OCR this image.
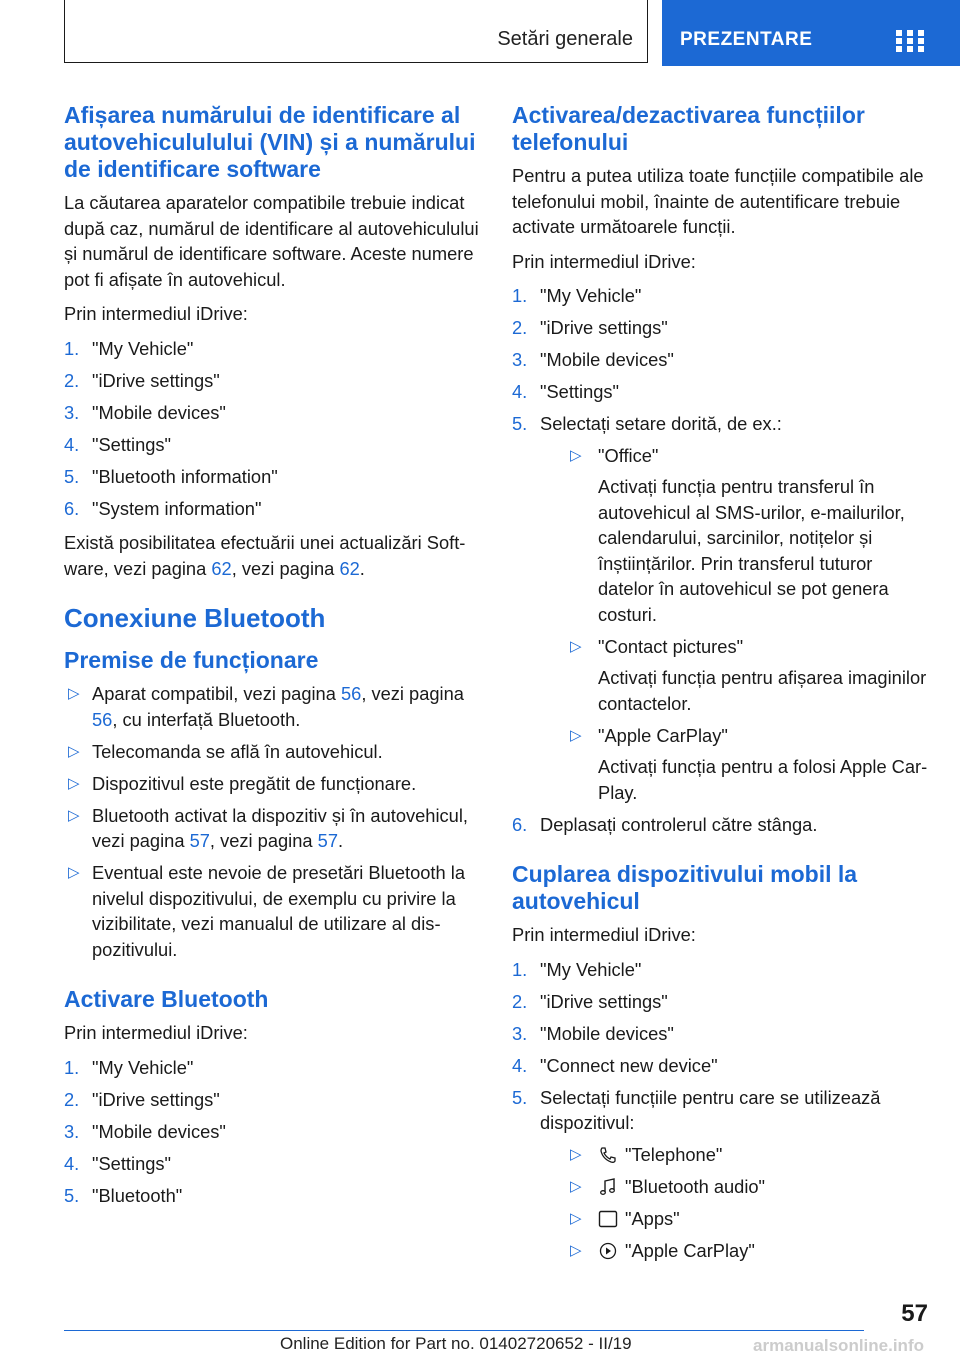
Setări generale PREZENTARE
Afișarea numărului de identificare al autovehicululului (VIN) și a numărului de identificare software

La căutarea aparatelor compatibile trebuie indicat după caz, numărul de identificare al autovehiculului și numărul de identificare software. Aceste numere pot fi afișate în autovehicul.

Prin intermediul iDrive:

1. "My Vehicle"
2. "iDrive settings"
3. "Mobile devices"
4. "Settings"
5. "Bluetooth information"
6. "System information"

Există posibilitatea efectuării unei actualizări Software, vezi pagina 62, vezi pagina 62.

Conexiune Bluetooth
Premise de funcționare
▷ Aparat compatibil, vezi pagina 56, vezi pagina 56, cu interfață Bluetooth.
▷ Telecomanda se află în autovehicul.
▷ Dispozitivul este pregătit de funcționare.
▷ Bluetooth activat la dispozitiv și în autovehicul, vezi pagina 57, vezi pagina 57.
▷ Eventual este nevoie de presetări Bluetooth la nivelul dispozitivului, de exemplu cu privire la vizibilitate, vezi manualul de utilizare al dispozitivului.
Activare Bluetooth

Prin intermediul iDrive:

1. "My Vehicle"
2. "iDrive settings"
3. "Mobile devices"
4. "Settings"
5. "Bluetooth"
Activarea/dezactivarea funcțiilor telefonului

Pentru a putea utiliza toate funcțiile compatibile ale telefonului mobil, înainte de autentificare trebuie activate următoarele funcții.

Prin intermediul iDrive:

1. "My Vehicle"
2. "iDrive settings"
3. "Mobile devices"
4. "Settings"
5. Selectați setare dorită, de ex.:
▷ "Office"
Activați funcția pentru transferul în autovehicul al SMS-urilor, e-mailurilor, calendarului, sarcinilor, notițelor și înștiințărilor. Prin transferul tuturor datelor în autovehicul se pot genera costuri.
▷ "Contact pictures"
Activați funcția pentru afișarea imaginilor contactelor.
▷ "Apple CarPlay"
Activați funcția pentru a folosi Apple CarPlay.
6. Deplasați controlerul către stânga.
Cuplarea dispozitivului mobil la autovehicul

Prin intermediul iDrive:

1. "My Vehicle"
2. "iDrive settings"
3. "Mobile devices"
4. "Connect new device"
5. Selectați funcțiile pentru care se utilizează dispozitivul:
▷ "Telephone"
▷ "Bluetooth audio"
▷ "Apps"
▷ "Apple CarPlay"
57
Online Edition for Part no. 01402720652 - II/19	armanualsonline.info
